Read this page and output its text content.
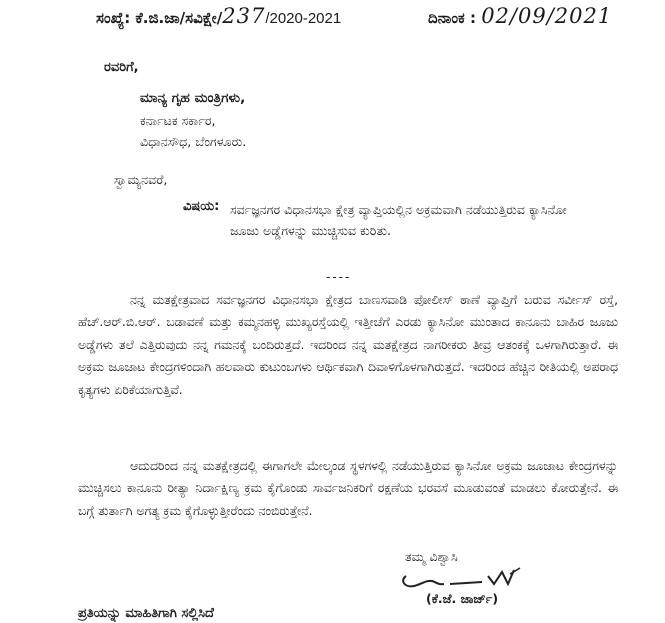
ಸಂಖ್ಯೆ: ಕೆ.ಜಿ.ಜಾ/ಸವಿಕ್ಷೇ/237/2020-2021	ದಿನಾಂಕ : 02/09/2021
ರವರಿಗೆ,
ಮಾನ್ಯ ಗೃಹ ಮಂತ್ರಿಗಳು,
ಕರ್ನಾಟಕ ಸರ್ಕಾರ,
ವಿಧಾನಸೌಧ, ಬೆಂಗಳೂರು.
ಸ್ವಾಮ್ಯನವರೆ,
ವಿಷಯ: ಸರ್ವಜ್ಞನಗರ ವಿಧಾನಸಭಾ ಕ್ಷೇತ್ರ ವ್ಯಾಪ್ತಿಯಲ್ಲಿನ ಅಕ್ರಮವಾಗಿ ನಡೆಯುತ್ತಿರುವ ಕ್ಯಾಸಿನೋ ಜೂಜು ಅಡ್ಡೆಗಳನ್ನು ಮುಚ್ಚಿಸುವ ಕುರಿತು.
----
ನನ್ನ ಮತಕ್ಷೇತ್ರವಾದ ಸರ್ವಜ್ಞನಗರ ವಿಧಾನಸಭಾ ಕ್ಷೇತ್ರದ ಬಾಣಸವಾಡಿ ಪೋಲೀಸ್ ಠಾಣೆ ವ್ಯಾಪ್ತಿಗೆ ಬರುವ ಸರ್ವೀಸ್ ರಸ್ತೆ, ಹೆಚ್.ಆರ್.ಬಿ.ಆರ್. ಬಡಾವಣೆ ಮತ್ತು ಕಮ್ಮನಹಳ್ಳಿ ಮುಖ್ಯರಸ್ತೆಯಲ್ಲಿ ಇತ್ತೀಚೆಗೆ ಎರಡು ಕ್ಯಾಸಿನೋ ಮುಂತಾದ ಕಾನೂನು ಬಾಹಿರ ಜೂಜು ಅಡ್ಡೆಗಳು ತಲೆ ಎತ್ತಿರುವುದು ನನ್ನ ಗಮನಕ್ಕೆ ಬಂದಿರುತ್ತದೆ. ಇದರಿಂದ ನನ್ನ ಮತಕ್ಷೇತ್ರದ ನಾಗರೀಕರು ತೀವ್ರ ಆತಂಕಕ್ಕೆ ಒಳಗಾಗಿರುತ್ತಾರೆ. ಈ ಅಕ್ರಮ ಜೂಜಾಟ ಕೇಂದ್ರಗಳಿಂದಾಗಿ ಹಲವಾರು ಕುಟುಂಬಗಳು ಆರ್ಥಿಕವಾಗಿ ದಿವಾಳಿಗೊಳಗಾಗಿರುತ್ತದೆ. ಇದರಿಂದ ಹೆಚ್ಚಿನ ರೀತಿಯಲ್ಲಿ ಅಪರಾಧ ಕೃತ್ಯಗಳು ಏರಿಕೆಯಾಗುತ್ತಿವೆ.
ಆದುದರಿಂದ ನನ್ನ ಮತಕ್ಷೇತ್ರದಲ್ಲಿ ಈಗಾಗಲೇ ಮೇಲ್ಕಂಡ ಸ್ಥಳಗಳಲ್ಲಿ ನಡೆಯುತ್ತಿರುವ ಕ್ಯಾಸಿನೋ ಅಕ್ರಮ ಜೂಜಾಟ ಕೇಂದ್ರಗಳನ್ನು ಮುಚ್ಚಿಸಲು ಕಾನೂನು ರೀತ್ಯಾ ನಿರ್ದಾಕ್ಷಿಣ್ಯ ಕ್ರಮ ಕೈಗೊಂಡು ಸಾರ್ವಜನಿಕರಿಗೆ ರಕ್ಷಣೆಯ ಭರವಸೆ ಮೂಡುವಂತೆ ಮಾಡಲು ಕೋರುತ್ತೇನೆ. ಈ ಬಗ್ಗೆ ತುರ್ತಾಗಿ ಅಗತ್ಯ ಕ್ರಮ ಕೈಗೊಳ್ಳುತ್ತೀರೆಂದು ನಂಬಿರುತ್ತೇನೆ.
ತಮ್ಮ ವಿಶ್ವಾಸಿ
(ಕೆ.ಜೆ. ಜಾರ್ಜ್)
ಪ್ರತಿಯನ್ನು ಮಾಹಿತಿಗಾಗಿ ಸಲ್ಲಿಸಿದೆ
